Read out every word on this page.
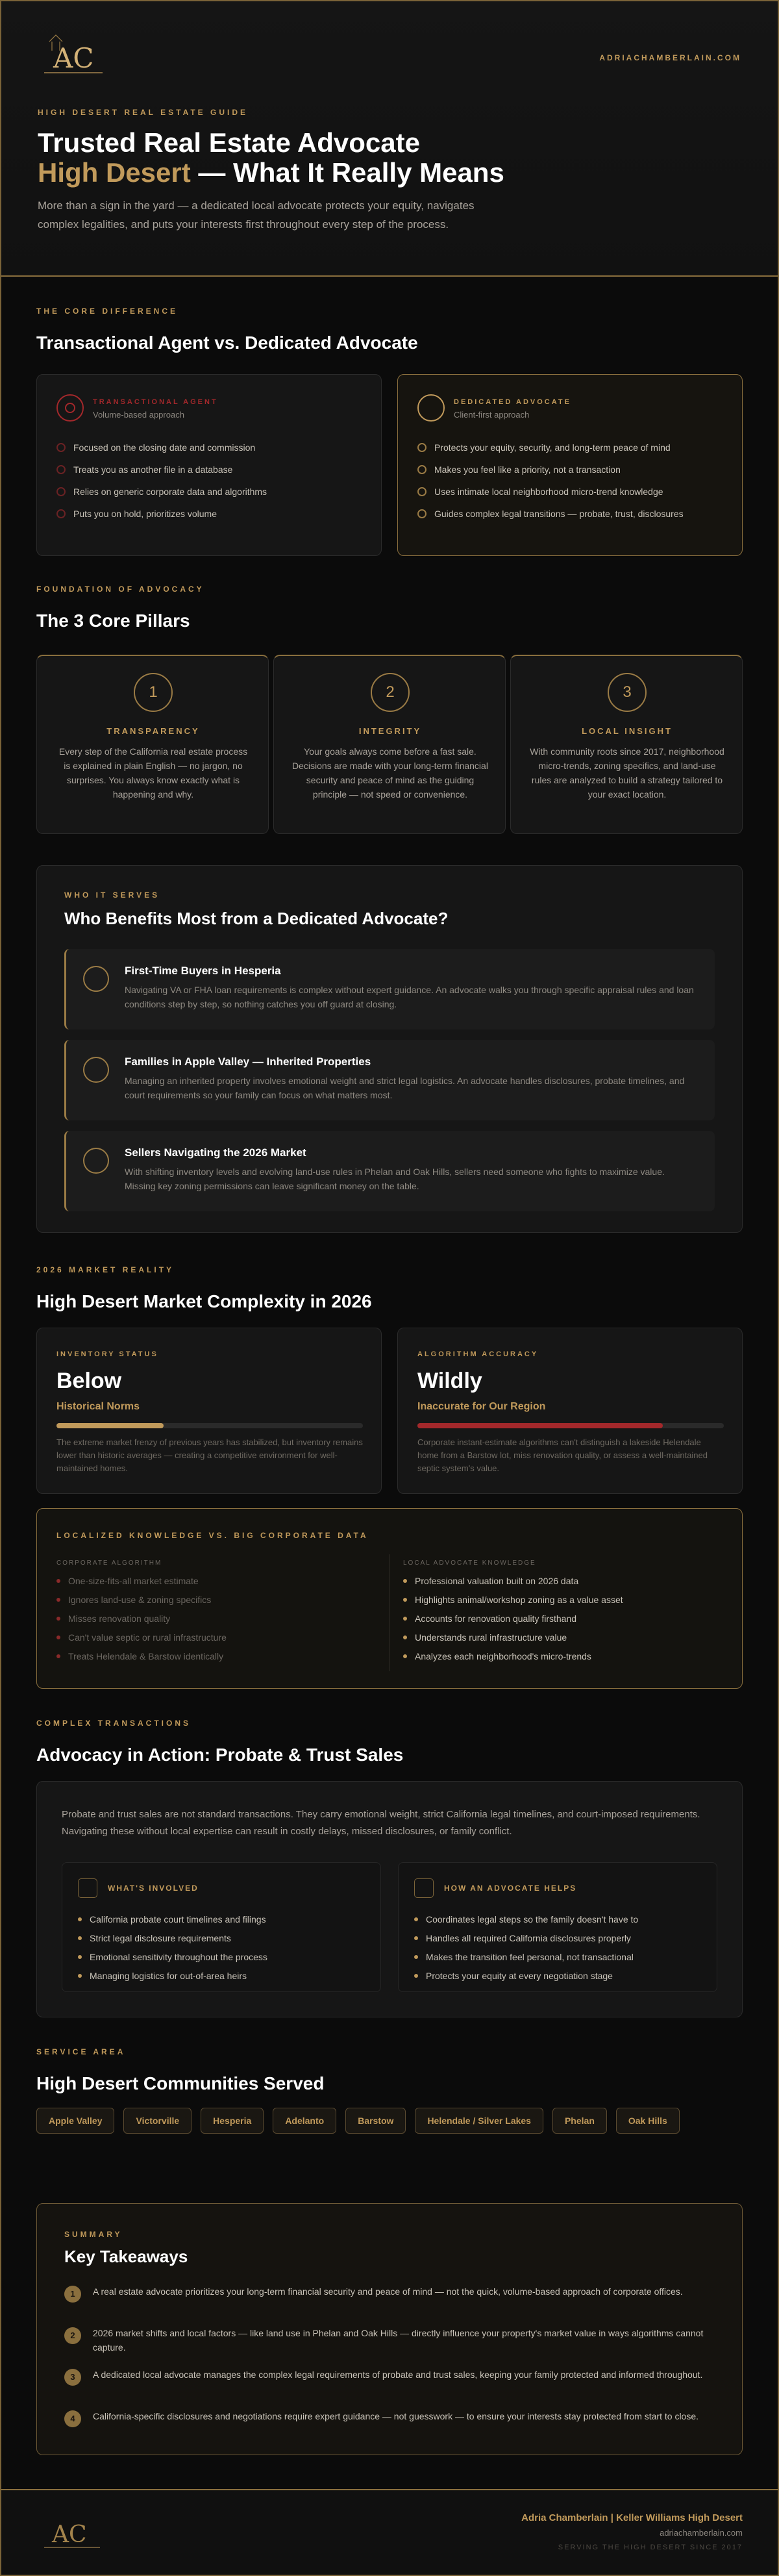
AC	ADRIACHAMBERLAIN.COM
HIGH DESERT REAL ESTATE GUIDE
Trusted Real Estate Advocate
High Desert — What It Really Means
More than a sign in the yard — a dedicated local advocate protects your equity, navigates complex legalities, and puts your interests first throughout every step of the process.
THE CORE DIFFERENCE
Transactional Agent vs. Dedicated Advocate
TRANSACTIONAL AGENT
Volume-based approach
Focused on the closing date and commission
Treats you as another file in a database
Relies on generic corporate data and algorithms
Puts you on hold, prioritizes volume
DEDICATED ADVOCATE
Client-first approach
Protects your equity, security, and long-term peace of mind
Makes you feel like a priority, not a transaction
Uses intimate local neighborhood micro-trend knowledge
Guides complex legal transitions — probate, trust, disclosures
FOUNDATION OF ADVOCACY
The 3 Core Pillars
WHO IT SERVES
Who Benefits Most from a Dedicated Advocate?
First-Time Buyers in Hesperia
Navigating VA or FHA loan requirements is complex without expert guidance. An advocate walks you through specific appraisal rules and loan conditions step by step, so nothing catches you off guard at closing.
Families in Apple Valley — Inherited Properties
Managing an inherited property involves emotional weight and strict legal logistics. An advocate handles disclosures, probate timelines, and court requirements so your family can focus on what matters most.
Sellers Navigating the 2026 Market
With shifting inventory levels and evolving land-use rules in Phelan and Oak Hills, sellers need someone who fights to maximize value. Missing key zoning permissions can leave significant money on the table.
2026 MARKET REALITY
High Desert Market Complexity in 2026
INVENTORY STATUS
Below
Historical Norms
The extreme market frenzy of previous years has stabilized, but inventory remains lower than historic averages — creating a competitive environment for well-maintained homes.
ALGORITHM ACCURACY
Wildly
Inaccurate for Our Region
Corporate instant-estimate algorithms can't distinguish a lakeside Helendale home from a Barstow lot, miss renovation quality, or assess a well-maintained septic system's value.
LOCALIZED KNOWLEDGE VS. BIG CORPORATE DATA
CORPORATE ALGORITHM
One-size-fits-all market estimate
Ignores land-use & zoning specifics
Misses renovation quality
Can't value septic or rural infrastructure
Treats Helendale & Barstow identically
LOCAL ADVOCATE KNOWLEDGE
Professional valuation built on 2026 data
Highlights animal/workshop zoning as a value asset
Accounts for renovation quality firsthand
Understands rural infrastructure value
Analyzes each neighborhood's micro-trends
COMPLEX TRANSACTIONS
Advocacy in Action: Probate & Trust Sales
Probate and trust sales are not standard transactions. They carry emotional weight, strict California legal timelines, and court-imposed requirements. Navigating these without local expertise can result in costly delays, missed disclosures, or family conflict.
WHAT'S INVOLVED
California probate court timelines and filings
Strict legal disclosure requirements
Emotional sensitivity throughout the process
Managing logistics for out-of-area heirs
HOW AN ADVOCATE HELPS
Coordinates legal steps so the family doesn't have to
Handles all required California disclosures properly
Makes the transition feel personal, not transactional
Protects your equity at every negotiation stage
SERVICE AREA
High Desert Communities Served
Apple Valley	Victorville	Hesperia	Adelanto	Barstow	Helendale / Silver Lakes	Phelan	Oak Hills
SUMMARY
Key Takeaways
1	A real estate advocate prioritizes your long-term financial security and peace of mind — not the quick, volume-based approach of corporate offices.
2	2026 market shifts and local factors — like land use in Phelan and Oak Hills — directly influence your property's market value in ways algorithms cannot capture.
3	A dedicated local advocate manages the complex legal requirements of probate and trust sales, keeping your family protected and informed throughout.
4	California-specific disclosures and negotiations require expert guidance — not guesswork — to ensure your interests stay protected from start to close.
AC
Adria Chamberlain | Keller Williams High Desert
adriachamberlain.com
SERVING THE HIGH DESERT SINCE 2017
1
TRANSPARENCY
Every step of the California real estate process is explained in plain English — no jargon, no surprises. You always know exactly what is happening and why.
2
INTEGRITY
Your goals always come before a fast sale. Decisions are made with your long-term financial security and peace of mind as the guiding principle — not speed or convenience.
3
LOCAL INSIGHT
With community roots since 2017, neighborhood micro-trends, zoning specifics, and land-use rules are analyzed to build a strategy tailored to your exact location.
